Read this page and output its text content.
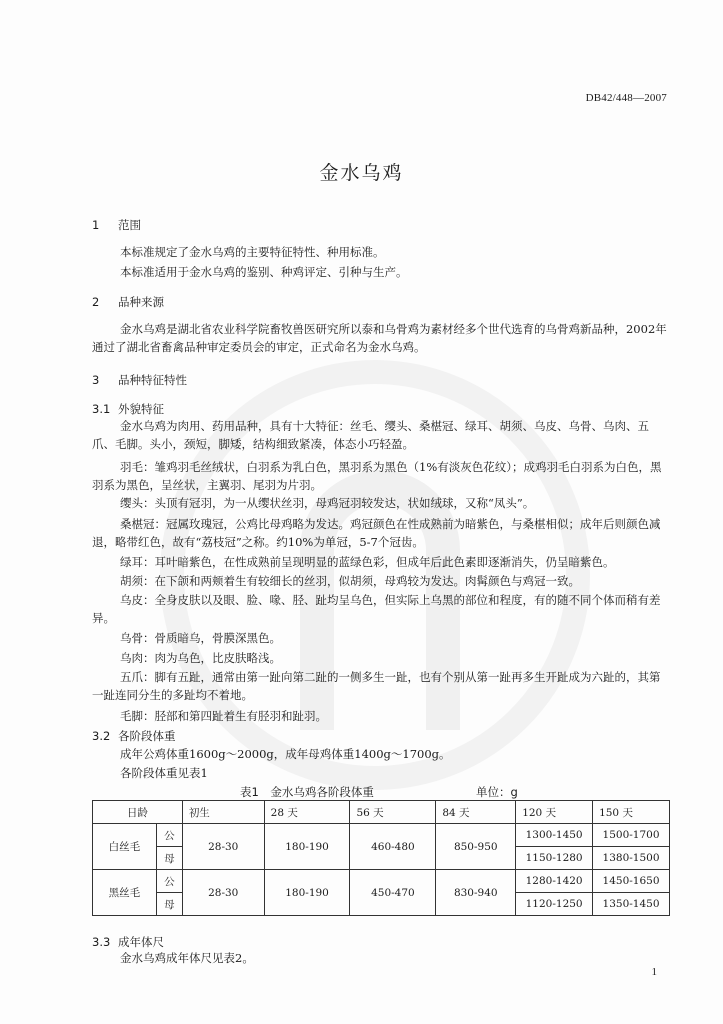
DB42/448—2007
金水乌鸡
1 范围
本标准规定了金水乌鸡的主要特征特性、种用标准。
本标准适用于金水乌鸡的鉴别、种鸡评定、引种与生产。
2 品种来源
金水乌鸡是湖北省农业科学院畜牧兽医研究所以泰和乌骨鸡为素材经多个世代选育的乌骨鸡新品种，2002年通过了湖北省畜禽品种审定委员会的审定，正式命名为金水乌鸡。
3 品种特征特性
3.1 外貌特征
金水乌鸡为肉用、药用品种，具有十大特征：丝毛、缨头、桑椹冠、绿耳、胡须、乌皮、乌骨、乌肉、五爪、毛脚。头小，颈短，脚矮，结构细致紧凑，体态小巧轻盈。
羽毛：雏鸡羽毛丝绒状，白羽系为乳白色，黑羽系为黑色（1%有淡灰色花纹）；成鸡羽毛白羽系为白色，黑羽系为黑色，呈丝状，主翼羽、尾羽为片羽。
缨头：头顶有冠羽，为一从缨状丝羽，母鸡冠羽较发达，状如绒球，又称“凤头”。
桑椹冠：冠属玫瑰冠，公鸡比母鸡略为发达。鸡冠颜色在性成熟前为暗紫色，与桑椹相似；成年后则颜色减退，略带红色，故有“荔枝冠”之称。约10%为单冠，5-7个冠齿。
绿耳：耳叶暗紫色，在性成熟前呈现明显的蓝绿色彩，但成年后此色素即逐渐消失，仍呈暗紫色。
胡须：在下颌和两颊着生有较细长的丝羽，似胡须，母鸡较为发达。肉髯颜色与鸡冠一致。
乌皮：全身皮肤以及眼、脸、喙、胫、趾均呈乌色，但实际上乌黑的部位和程度，有的随不同个体而稍有差异。
乌骨：骨质暗乌，骨膜深黑色。
乌肉：肉为乌色，比皮肤略浅。
五爪：脚有五趾，通常由第一趾向第二趾的一侧多生一趾，也有个别从第一趾再多生开趾成为六趾的，其第一趾连同分生的多趾均不着地。
毛脚：胫部和第四趾着生有胫羽和趾羽。
3.2 各阶段体重
成年公鸡体重1600g～2000g，成年母鸡体重1400g～1700g。
各阶段体重见表1
表1　金水乌鸡各阶段体重	单位：g
日龄		初生	28 天	56 天	84 天	120 天	150 天
白丝毛	公	28-30	180-190	460-480	850-950	1300-1450	1500-1700
	母					1150-1280	1380-1500
黑丝毛	公	28-30	180-190	450-470	830-940	1280-1420	1450-1650
	母					1120-1250	1350-1450
3.3 成年体尺
金水乌鸡成年体尺见表2。
1
